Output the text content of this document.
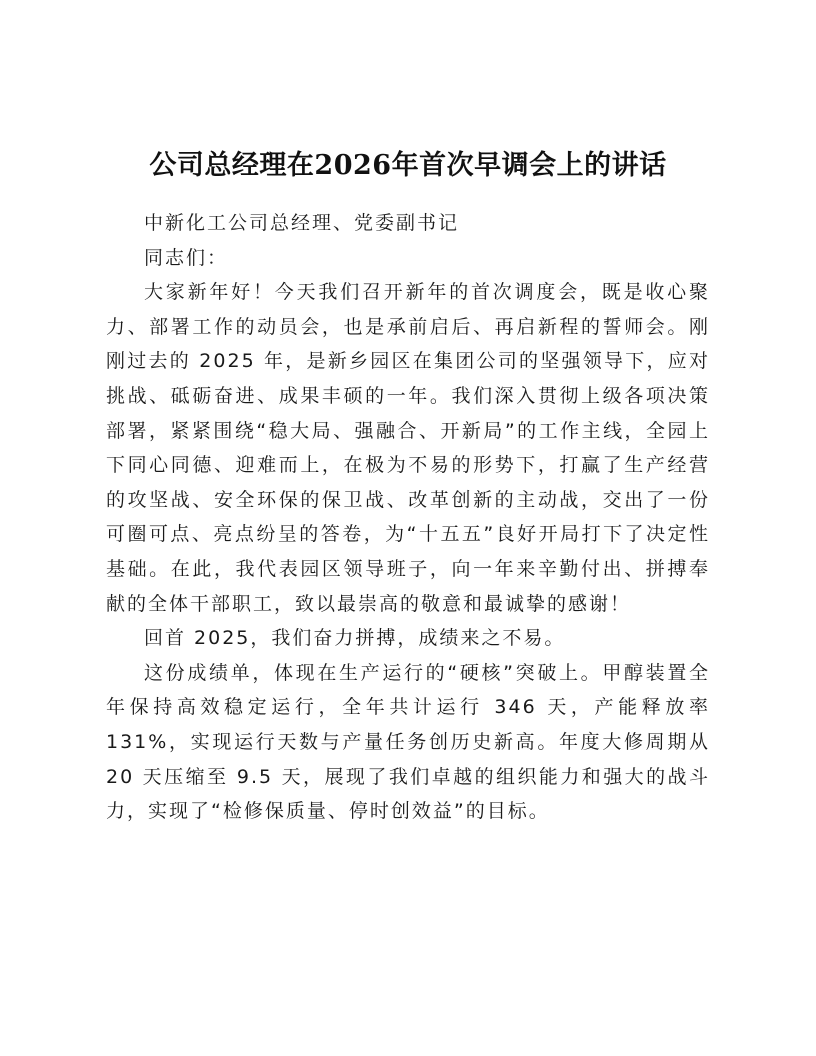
公司总经理在2026年首次早调会上的讲话

中新化工公司总经理、党委副书记

同志们：

大家新年好！今天我们召开新年的首次调度会，既是收心聚力、部署工作的动员会，也是承前启后、再启新程的誓师会。刚刚过去的 2025 年，是新乡园区在集团公司的坚强领导下，应对挑战、砥砺奋进、成果丰硕的一年。我们深入贯彻上级各项决策部署，紧紧围绕“稳大局、强融合、开新局”的工作主线，全园上下同心同德、迎难而上，在极为不易的形势下，打赢了生产经营的攻坚战、安全环保的保卫战、改革创新的主动战，交出了一份可圈可点、亮点纷呈的答卷，为“十五五”良好开局打下了决定性基础。在此，我代表园区领导班子，向一年来辛勤付出、拼搏奉献的全体干部职工，致以最崇高的敬意和最诚挚的感谢！

回首 2025，我们奋力拼搏，成绩来之不易。

这份成绩单，体现在生产运行的“硬核”突破上。甲醇装置全年保持高效稳定运行，全年共计运行 346 天，产能释放率 131%，实现运行天数与产量任务创历史新高。年度大修周期从 20 天压缩至 9.5 天，展现了我们卓越的组织能力和强大的战斗力，实现了“检修保质量、停时创效益”的目标。
